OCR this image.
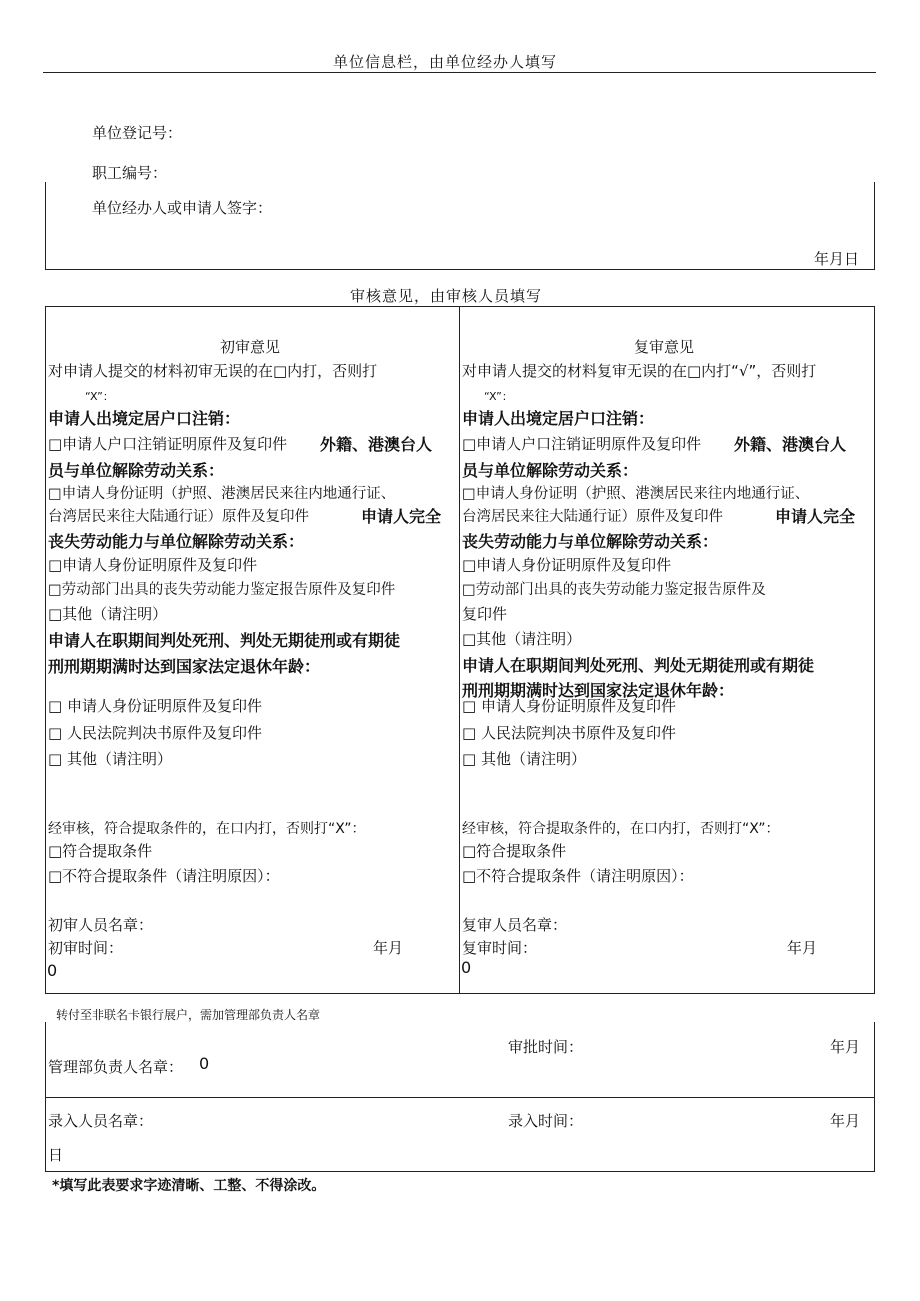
单位信息栏，由单位经办人填写
单位登记号：
职工编号：
单位经办人或申请人签字：
年月日
审核意见，由审核人员填写
初审意见
对申请人提交的材料初审无误的在□内打，否则打
“X”：
申请人出境定居户口注销：
□申请人户口注销证明原件及复印件 外籍、港澳台人
员与单位解除劳动关系：
□申请人身份证明（护照、港澳居民来往内地通行证、
台湾居民来往大陆通行证）原件及复印件	申请人完全
丧失劳动能力与单位解除劳动关系：
□申请人身份证明原件及复印件
□劳动部门出具的丧失劳动能力鉴定报告原件及复印件
□其他（请注明）
申请人在职期间判处死刑、判处无期徒刑或有期徒
刑刑期期满时达到国家法定退休年龄：
□ 申请人身份证明原件及复印件
□ 人民法院判决书原件及复印件
□ 其他（请注明）
经审核，符合提取条件的，在口内打，否则打“X”：
□符合提取条件
□不符合提取条件（请注明原因）：
初审人员名章：
初审时间：	年月
0
复审意见
对申请人提交的材料复审无误的在□内打“√”，否则打
“X”：
申请人出境定居户口注销：
□申请人户口注销证明原件及复印件 外籍、港澳台人
员与单位解除劳动关系：
□申请人身份证明（护照、港澳居民来往内地通行证、
台湾居民来往大陆通行证）原件及复印件	申请人完全
丧失劳动能力与单位解除劳动关系：
□申请人身份证明原件及复印件
□劳动部门出具的丧失劳动能力鉴定报告原件及
复印件
□其他（请注明）
申请人在职期间判处死刑、判处无期徒刑或有期徒
刑刑期期满时达到国家法定退休年龄：
□ 申请人身份证明原件及复印件
□ 人民法院判决书原件及复印件
□ 其他（请注明）
经审核，符合提取条件的，在口内打，否则打“X”：
□符合提取条件
□不符合提取条件（请注明原因）：
复审人员名章：
复审时间：	年月
0
转付至非联名卡银行展户，需加管理部负责人名章
审批时间：	年月
管理部负责人名章： 0
录入人员名章：	录入时间：	年月
日
*填写此表要求字迹清晰、工整、不得涂改。
